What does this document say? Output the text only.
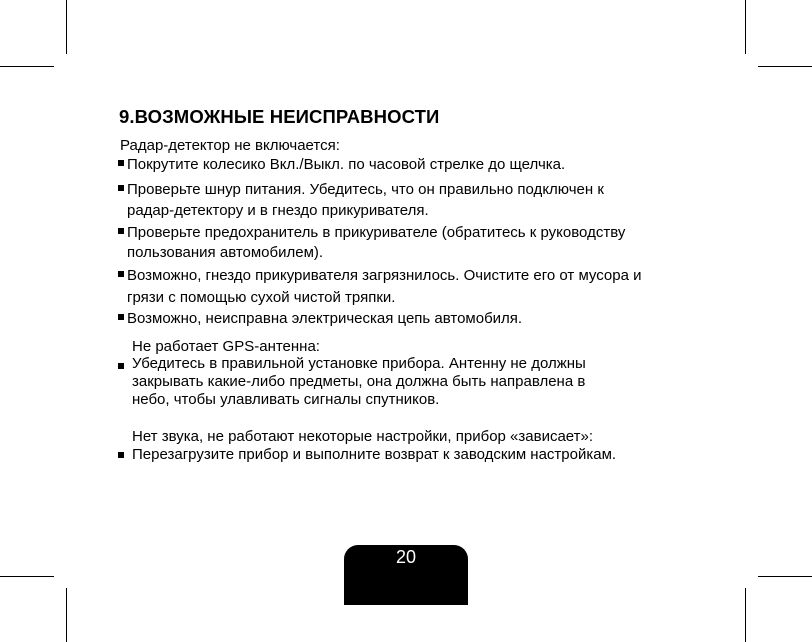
9.ВОЗМОЖНЫЕ НЕИСПРАВНОСТИ
Радар-детектор не включается:
Покрутите колесико Вкл./Выкл. по часовой стрелке до щелчка.
Проверьте шнур питания. Убедитесь, что он правильно подключен к
радар-детектору и в гнездо прикуривателя.
Проверьте предохранитель в прикуривателе (обратитесь к руководству
пользования автомобилем).
Возможно, гнездо прикуривателя загрязнилось. Очистите его от мусора и
грязи с помощью сухой чистой тряпки.
Возможно, неисправна электрическая цепь автомобиля.
Не работает GPS-антенна:
Убедитесь в правильной установке прибора. Антенну не должны
закрывать какие-либо предметы, она должна быть направлена в
небо, чтобы улавливать сигналы спутников.
Нет звука, не работают некоторые настройки, прибор «зависает»:
Перезагрузите прибор и выполните возврат к заводским настройкам.
20
